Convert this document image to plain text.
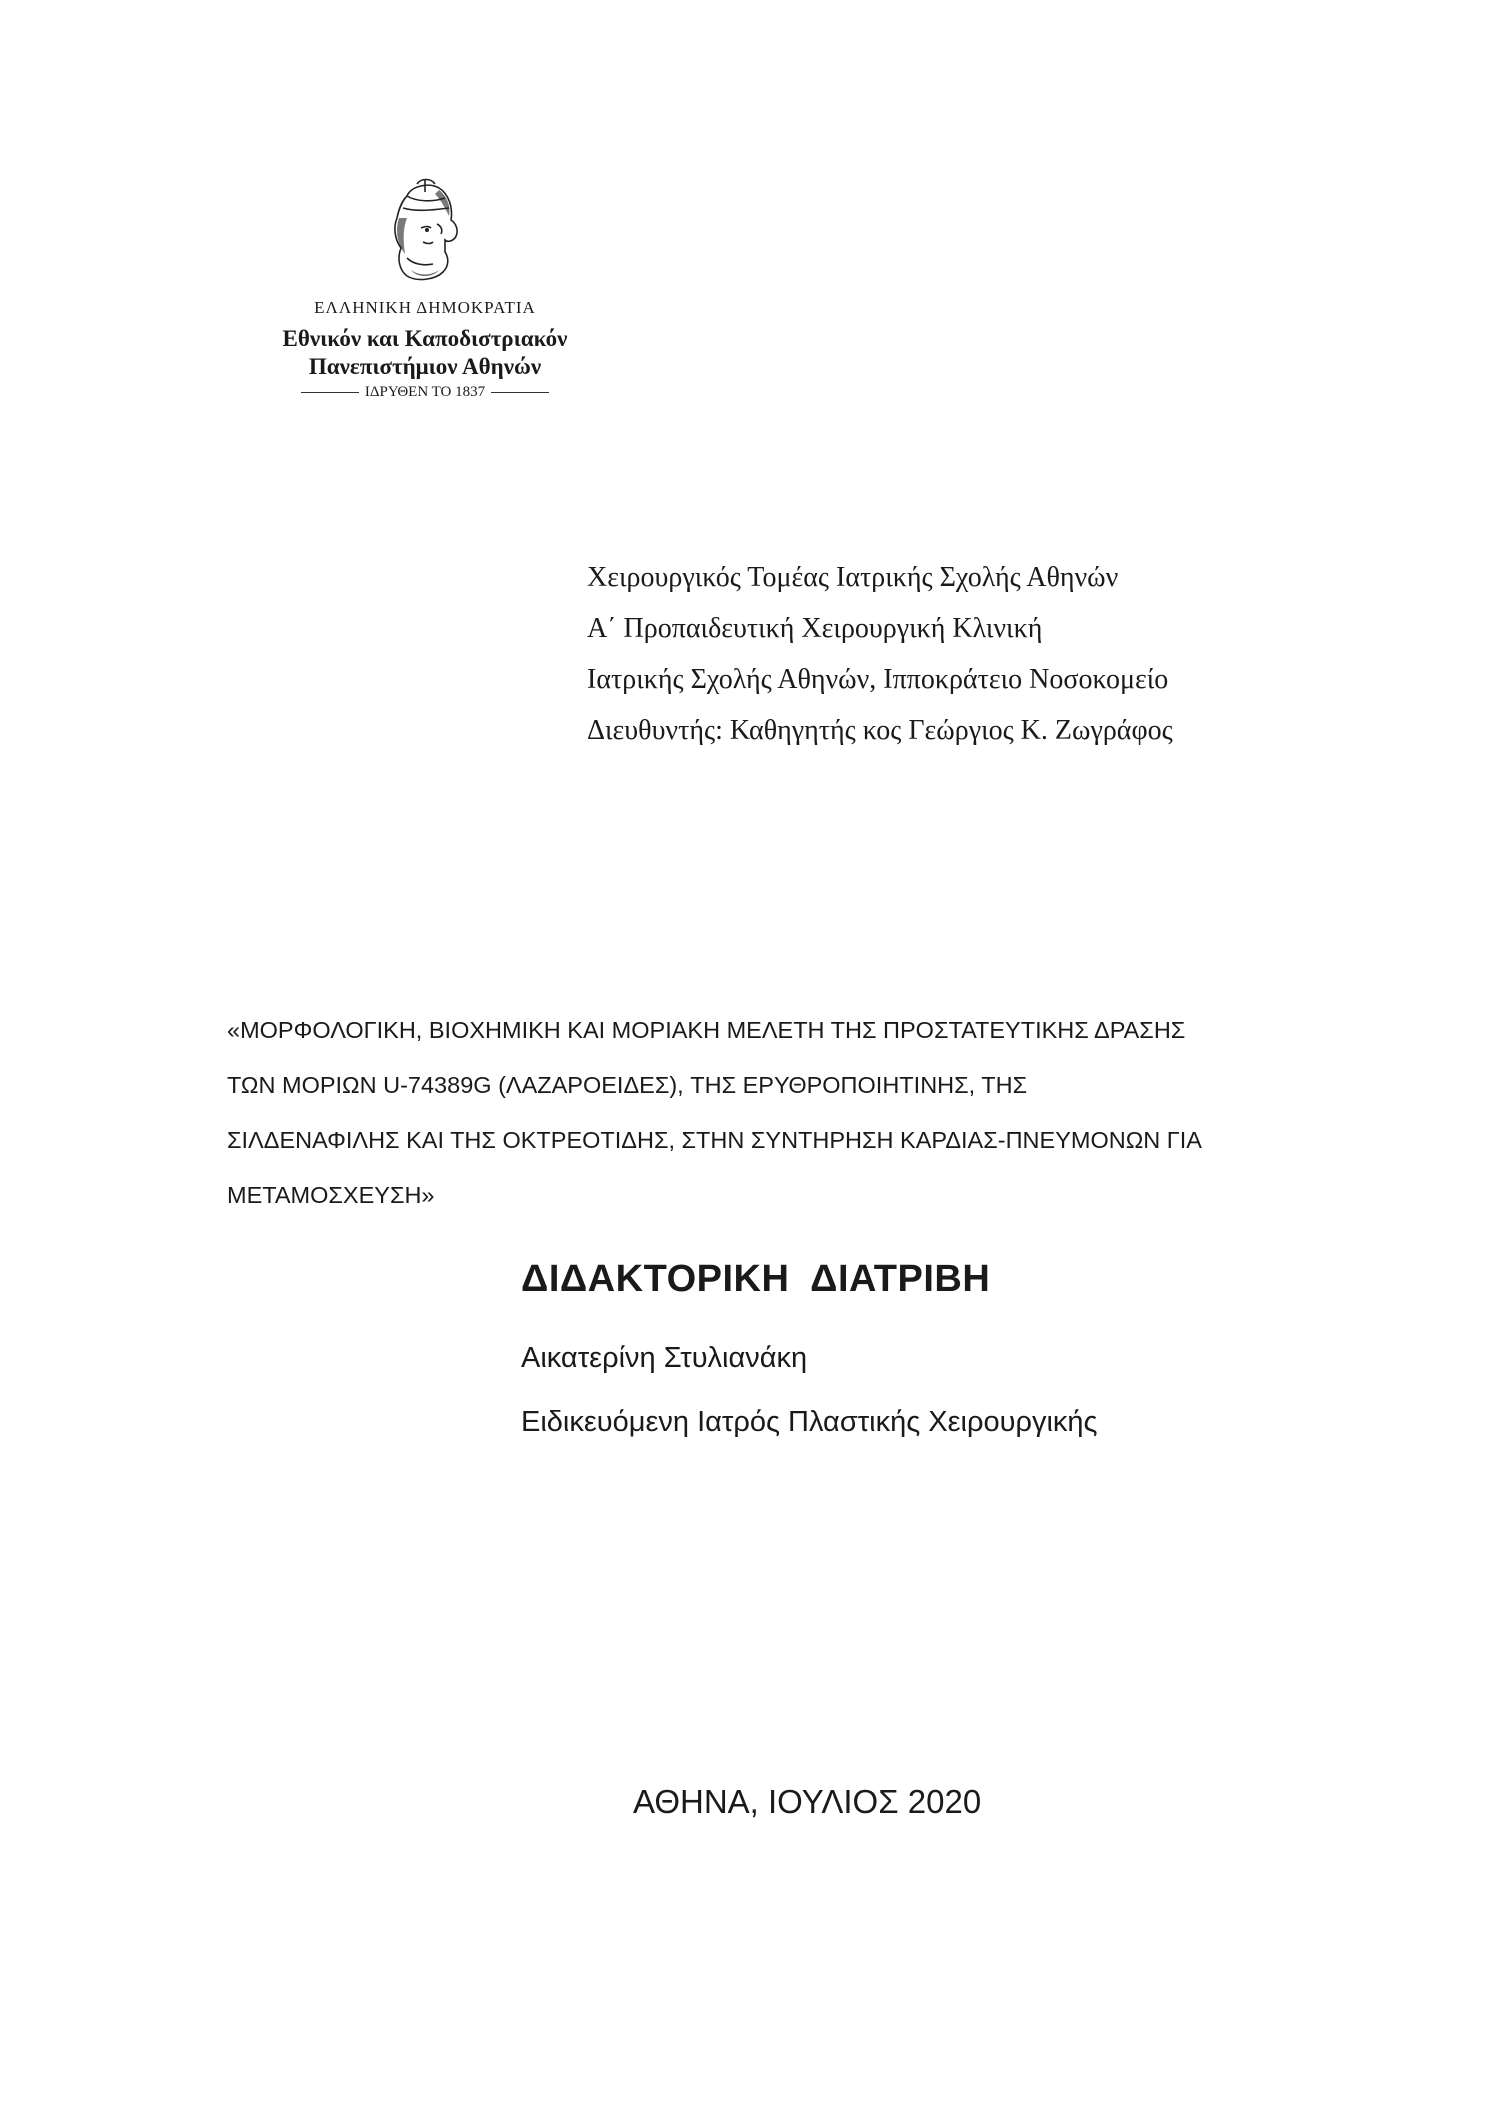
ΕΛΛΗΝΙΚΗ ΔΗΜΟΚΡΑΤΙΑ
Εθνικόν και Καποδιστριακόν
Πανεπιστήμιον Αθηνών
ΙΔΡΥΘΕΝ ΤΟ 1837
Χειρουργικός Τομέας Ιατρικής Σχολής Αθηνών
Α΄ Προπαιδευτική Χειρουργική Κλινική
Ιατρικής Σχολής Αθηνών, Ιπποκράτειο Νοσοκομείο
Διευθυντής: Καθηγητής κος Γεώργιος Κ. Ζωγράφος

«ΜΟΡΦΟΛΟΓΙΚΗ, ΒΙΟΧΗΜΙΚΗ ΚΑΙ ΜΟΡΙΑΚΗ ΜΕΛΕΤΗ ΤΗΣ ΠΡΟΣΤΑΤΕΥΤΙΚΗΣ ΔΡΑΣΗΣ

ΤΩΝ ΜΟΡΙΩΝ U-74389G (ΛΑΖΑΡΟΕΙΔΕΣ), ΤΗΣ ΕΡΥΘΡΟΠΟΙΗΤΙΝΗΣ, ΤΗΣ

ΣΙΛΔΕΝΑΦΙΛΗΣ ΚΑΙ ΤΗΣ ΟΚΤΡΕΟΤΙΔΗΣ, ΣΤΗΝ ΣΥΝΤΗΡΗΣΗ ΚΑΡΔΙΑΣ-ΠΝΕΥΜΟΝΩΝ ΓΙΑ

ΜΕΤΑΜΟΣΧΕΥΣΗ»

ΔΙΔΑΚΤΟΡΙΚΗ  ΔΙΑΤΡΙΒΗ
Αικατερίνη Στυλιανάκη
Ειδικευόμενη Ιατρός Πλαστικής Χειρουργικής
ΑΘΗΝΑ, ΙΟΥΛΙΟΣ 2020
